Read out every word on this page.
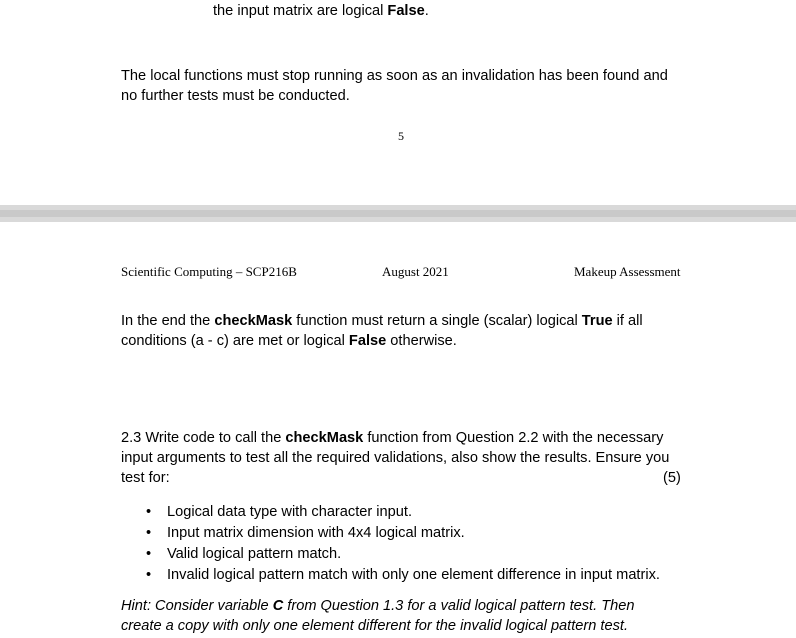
the input matrix are logical False.
The local functions must stop running as soon as an invalidation has been found and
no further tests must be conducted.
5
Scientific Computing – SCP216B	August 2021	Makeup Assessment
In the end the checkMask function must return a single (scalar) logical True if all
conditions (a - c) are met or logical False otherwise.
2.3 Write code to call the checkMask function from Question 2.2 with the necessary
input arguments to test all the required validations, also show the results. Ensure you
test for:	(5)
• Logical data type with character input.
• Input matrix dimension with 4x4 logical matrix.
• Valid logical pattern match.
• Invalid logical pattern match with only one element difference in input matrix.
Hint: Consider variable C from Question 1.3 for a valid logical pattern test. Then
create a copy with only one element different for the invalid logical pattern test.
